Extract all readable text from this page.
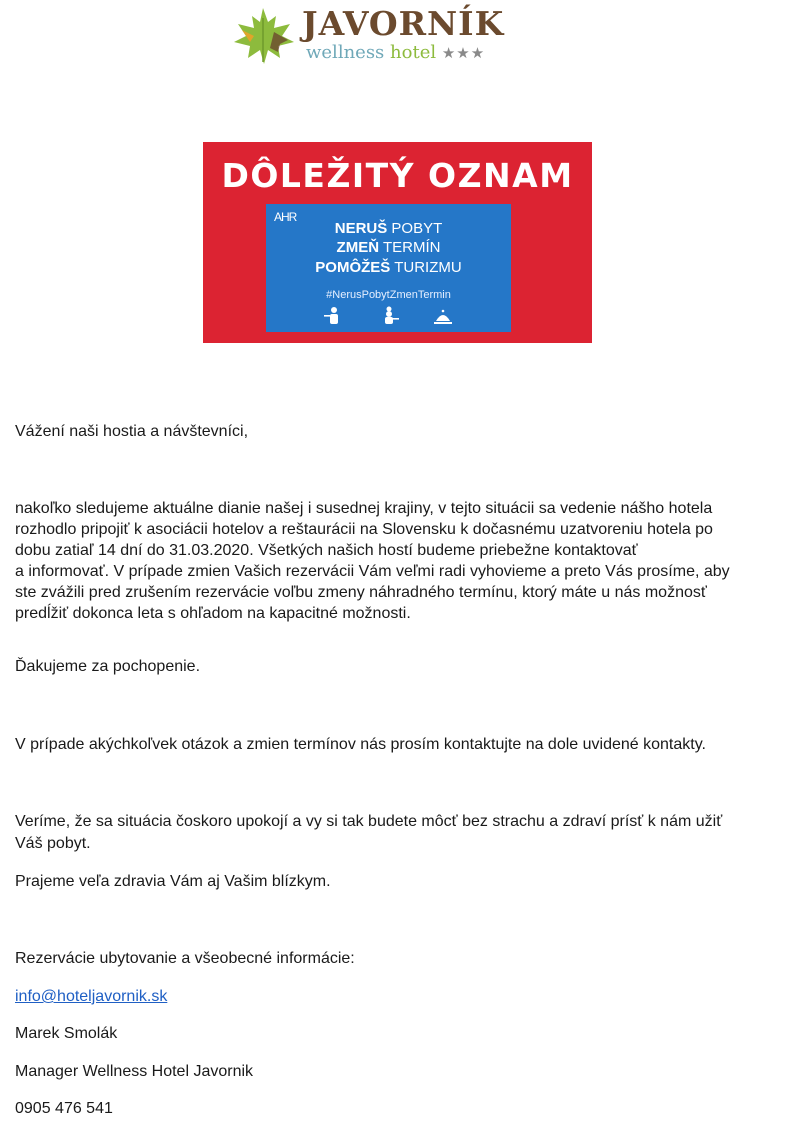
JAVORNÍK
wellness hotel ★★★
DÔLEŽITÝ OZNAM
AHR
NERUŠ POBYT
ZMEŇ TERMÍN
POMÔŽEŠ TURIZMU
#NerusPobytZmenTermin

Vážení naši hostia a návštevníci,

nakoľko sledujeme aktuálne dianie našej i susednej krajiny, v tejto situácii sa vedenie nášho hotela

rozhodlo pripojiť k asociácii hotelov a reštaurácii na Slovensku k dočasnému uzatvoreniu hotela po

dobu zatiaľ 14 dní do 31.03.2020. Všetkých našich hostí budeme priebežne kontaktovať

a informovať. V prípade zmien Vašich rezervácii Vám veľmi radi vyhovieme a preto Vás prosíme, aby

ste zvážili pred zrušením rezervácie voľbu zmeny náhradného termínu, ktorý máte u nás možnosť

predĺžiť dokonca leta s ohľadom na kapacitné možnosti.

Ďakujeme za pochopenie.

V prípade akýchkoľvek otázok a zmien termínov nás prosím kontaktujte na dole uvidené kontakty.

Veríme, že sa situácia čoskoro upokojí a vy si tak budete môcť bez strachu a zdraví prísť k nám užiť

Váš pobyt.

Prajeme veľa zdravia Vám aj Vašim blízkym.

Rezervácie ubytovanie a všeobecné informácie:

info@hoteljavornik.sk

Marek Smolák

Manager Wellness Hotel Javornik

0905 476 541
